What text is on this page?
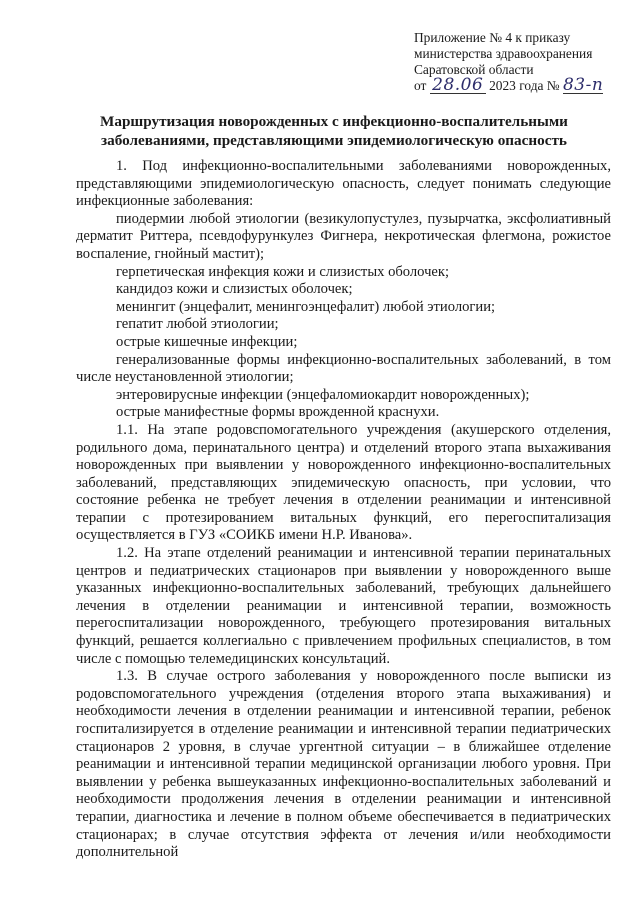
Приложение № 4 к приказу
министерства здравоохранения
Саратовской области
от 28.06 2023 года № 83-п
Маршрутизация новорожденных с инфекционно-воспалительными заболеваниями, представляющими эпидемиологическую опасность

1. Под инфекционно-воспалительными заболеваниями новорожденных, представляющими эпидемиологическую опасность, следует понимать следующие инфекционные заболевания:

пиодермии любой этиологии (везикулопустулез, пузырчатка, эксфолиативный дерматит Риттера, псевдофурункулез Фигнера, некротическая флегмона, рожистое воспаление, гнойный мастит);

герпетическая инфекция кожи и слизистых оболочек;

кандидоз кожи и слизистых оболочек;

менингит (энцефалит, менингоэнцефалит) любой этиологии;

гепатит любой этиологии;

острые кишечные инфекции;

генерализованные формы инфекционно-воспалительных заболеваний, в том числе неустановленной этиологии;

энтеровирусные инфекции (энцефаломиокардит новорожденных);

острые манифестные формы врожденной краснухи.

1.1. На этапе родовспомогательного учреждения (акушерского отделения, родильного дома, перинатального центра) и отделений второго этапа выхаживания новорожденных при выявлении у новорожденного инфекционно-воспалительных заболеваний, представляющих эпидемическую опасность, при условии, что состояние ребенка не требует лечения в отделении реанимации и интенсивной терапии с протезированием витальных функций, его перегоспитализация осуществляется в ГУЗ «СОИКБ имени Н.Р. Иванова».

1.2. На этапе отделений реанимации и интенсивной терапии перинатальных центров и педиатрических стационаров при выявлении у новорожденного выше указанных инфекционно-воспалительных заболеваний, требующих дальнейшего лечения в отделении реанимации и интенсивной терапии, возможность перегоспитализации новорожденного, требующего протезирования витальных функций, решается коллегиально с привлечением профильных специалистов, в том числе с помощью телемедицинских консультаций.

1.3. В случае острого заболевания у новорожденного после выписки из родовспомогательного учреждения (отделения второго этапа выхаживания) и необходимости лечения в отделении реанимации и интенсивной терапии, ребенок госпитализируется в отделение реанимации и интенсивной терапии педиатрических стационаров 2 уровня, в случае ургентной ситуации – в ближайшее отделение реанимации и интенсивной терапии медицинской организации любого уровня. При выявлении у ребенка вышеуказанных инфекционно-воспалительных заболеваний и необходимости продолжения лечения в отделении реанимации и интенсивной терапии, диагностика и лечение в полном объеме обеспечивается в педиатрических стационарах; в случае отсутствия эффекта от лечения и/или необходимости дополнительной
